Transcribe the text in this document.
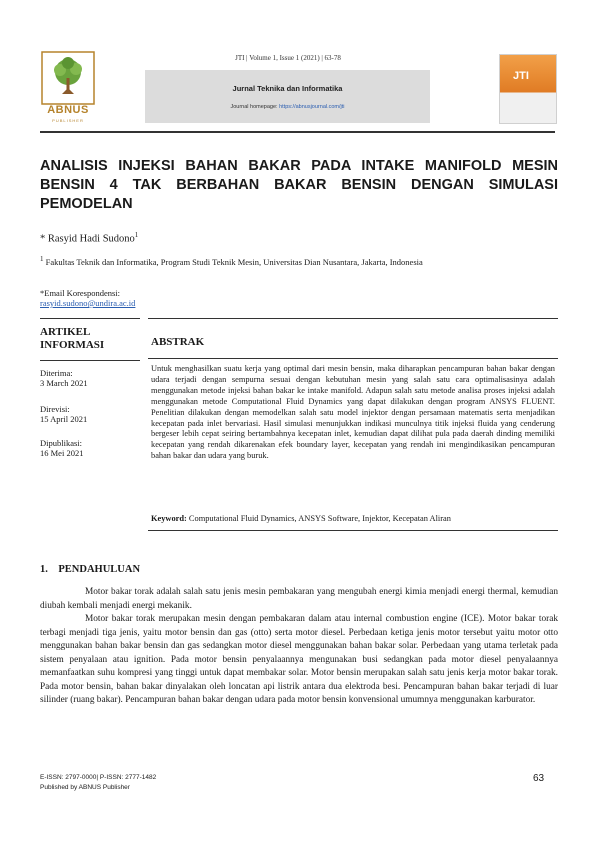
ABNUS
PUBLISHER
JTI | Volume 1, Issue 1 (2021) | 63-78
Jurnal Teknika dan Informatika
Journal homepage: https://abnusjournal.com/jti
JTI
ANALISIS INJEKSI BAHAN BAKAR PADA INTAKE MANIFOLD MESIN BENSIN 4 TAK BERBAHAN BAKAR BENSIN DENGAN SIMULASI PEMODELAN
* Rasyid Hadi Sudono$^1$
$^1$ Fakultas Teknik dan Informatika, Program Studi Teknik Mesin, Universitas Dian Nusantara, Jakarta, Indonesia
*Email Korespondensi:
rasyid.sudono@undira.ac.id
ARTIKEL
INFORMASI
Diterima:
3 March 2021
Direvisi:
15 April 2021
Dipublikasi:
16 Mei 2021
ABSTRAK
Untuk menghasilkan suatu kerja yang optimal dari mesin bensin, maka diharapkan pencampuran bahan bakar dengan udara terjadi dengan sempurna sesuai dengan kebutuhan mesin yang salah satu cara optimalisasinya adalah menggunakan metode injeksi bahan bakar ke intake manifold. Adapun salah satu metode analisa proses injeksi adalah menggunakan metode Computational Fluid Dynamics yang dapat dilakukan dengan program ANSYS FLUENT. Penelitian dilakukan dengan memodelkan salah satu model injektor dengan persamaan matematis serta menjadikan kecepatan pada inlet bervariasi. Hasil simulasi menunjukkan indikasi munculnya titik injeksi fluida yang cenderung bergeser lebih cepat seiring bertambahnya kecepatan inlet, kemudian dapat dilihat pula pada daerah dinding memiliki kecepatan yang rendah dikarenakan efek boundary layer, kecepatan yang rendah ini mengindikasikan pencampuran bahan bakar dan udara yang buruk.
Keyword: Computational Fluid Dynamics, ANSYS Software, Injektor, Kecepatan Aliran
1.    PENDAHULUAN

Motor bakar torak adalah salah satu jenis mesin pembakaran yang mengubah energi kimia menjadi energi thermal, kemudian diubah kembali menjadi energi mekanik.

Motor bakar torak merupakan mesin dengan pembakaran dalam atau internal combustion engine (ICE). Motor bakar torak terbagi menjadi tiga jenis, yaitu motor bensin dan gas (otto) serta motor diesel. Perbedaan ketiga jenis motor tersebut yaitu motor otto menggunakan bahan bakar bensin dan gas sedangkan motor diesel menggunakan bahan bakar solar. Perbedaan yang utama terletak pada sistem penyalaan atau ignition. Pada motor bensin penyalaannya mengunakan busi sedangkan pada motor diesel penyalaannya memanfaatkan suhu kompresi yang tinggi untuk dapat membakar solar. Motor bensin merupakan salah satu jenis kerja motor bakar torak. Pada motor bensin, bahan bakar dinyalakan oleh loncatan api listrik antara dua elektroda besi. Pencampuran bahan bakar terjadi di luar silinder (ruang bakar). Pencampuran bahan bakar dengan udara pada motor bensin konvensional umumnya menggunakan karburator.

E-ISSN: 2797-0000| P-ISSN: 2777-1482
Published by ABNUS Publisher
63
